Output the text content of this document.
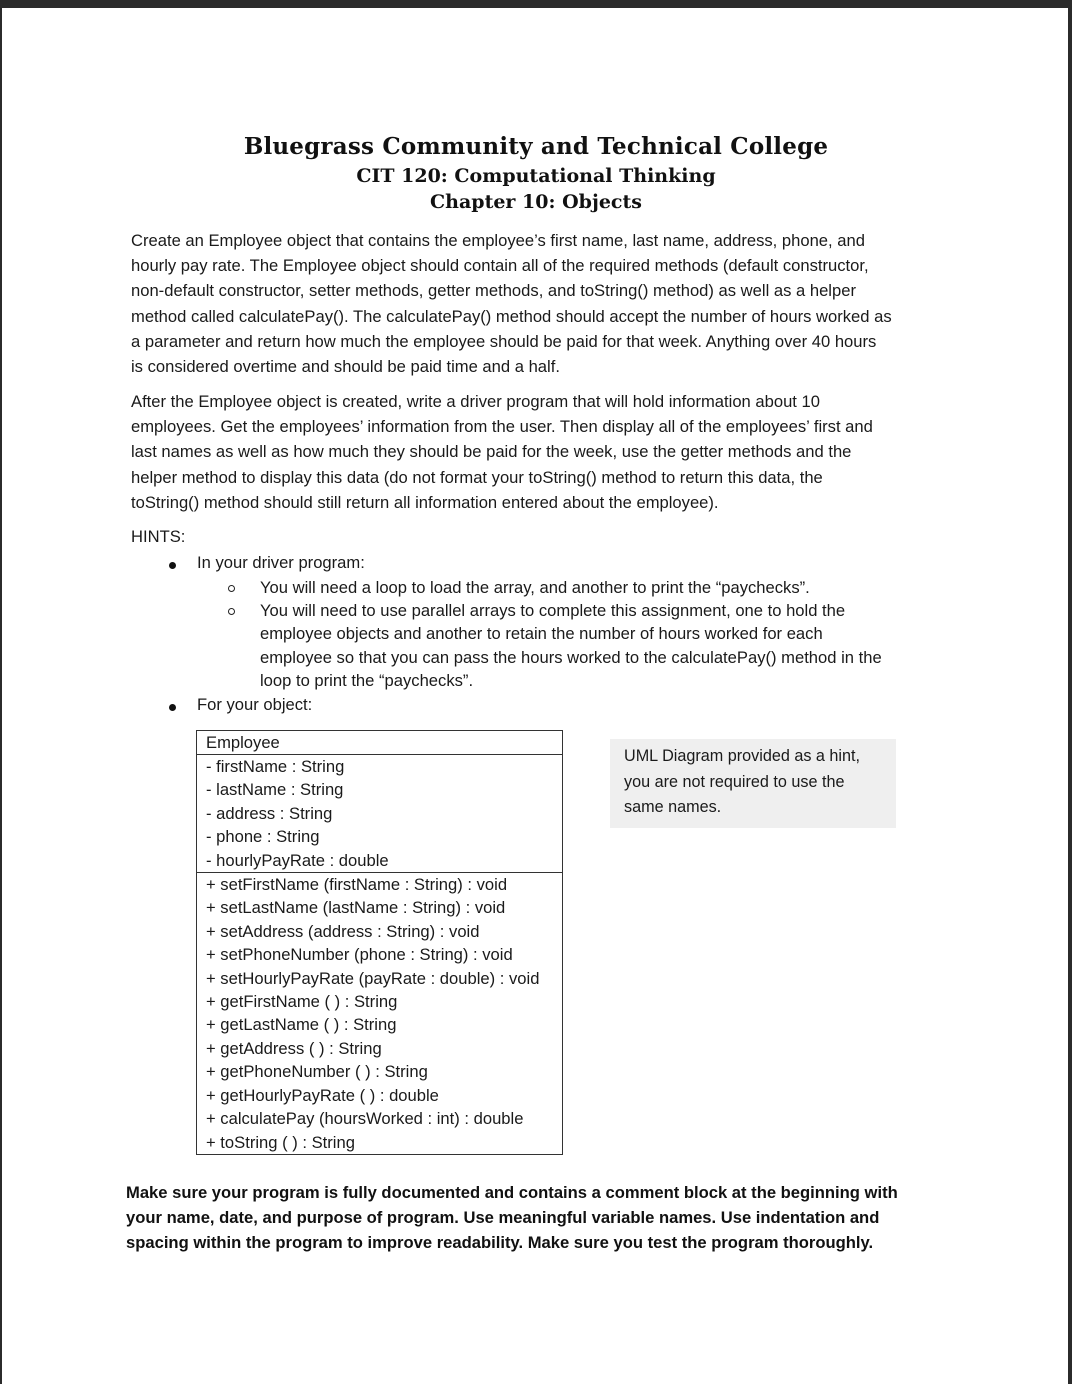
Bluegrass Community and Technical College
CIT 120: Computational Thinking
Chapter 10: Objects
Create an Employee object that contains the employee’s first name, last name, address, phone, and
hourly pay rate. The Employee object should contain all of the required methods (default constructor,
non-default constructor, setter methods, getter methods, and toString() method) as well as a helper
method called calculatePay(). The calculatePay() method should accept the number of hours worked as
a parameter and return how much the employee should be paid for that week. Anything over 40 hours
is considered overtime and should be paid time and a half.
After the Employee object is created, write a driver program that will hold information about 10
employees. Get the employees’ information from the user. Then display all of the employees’ first and
last names as well as how much they should be paid for the week, use the getter methods and the
helper method to display this data (do not format your toString() method to return this data, the
toString() method should still return all information entered about the employee).
HINTS:
In your driver program:
You will need a loop to load the array, and another to print the “paychecks”.
You will need to use parallel arrays to complete this assignment, one to hold the
employee objects and another to retain the number of hours worked for each
employee so that you can pass the hours worked to the calculatePay() method in the
loop to print the “paychecks”.
For your object:
Employee
- firstName : String
- lastName : String
- address : String
- phone : String
- hourlyPayRate : double
+ setFirstName (firstName : String) : void
+ setLastName (lastName : String) : void
+ setAddress (address : String) : void
+ setPhoneNumber (phone : String) : void
+ setHourlyPayRate (payRate : double) : void
+ getFirstName ( ) : String
+ getLastName ( ) : String
+ getAddress ( ) : String
+ getPhoneNumber ( ) : String
+ getHourlyPayRate ( ) : double
+ calculatePay (hoursWorked : int) : double
+ toString ( ) : String
UML Diagram provided as a hint,
you are not required to use the
same names.
Make sure your program is fully documented and contains a comment block at the beginning with
your name, date, and purpose of program. Use meaningful variable names. Use indentation and
spacing within the program to improve readability. Make sure you test the program thoroughly.
